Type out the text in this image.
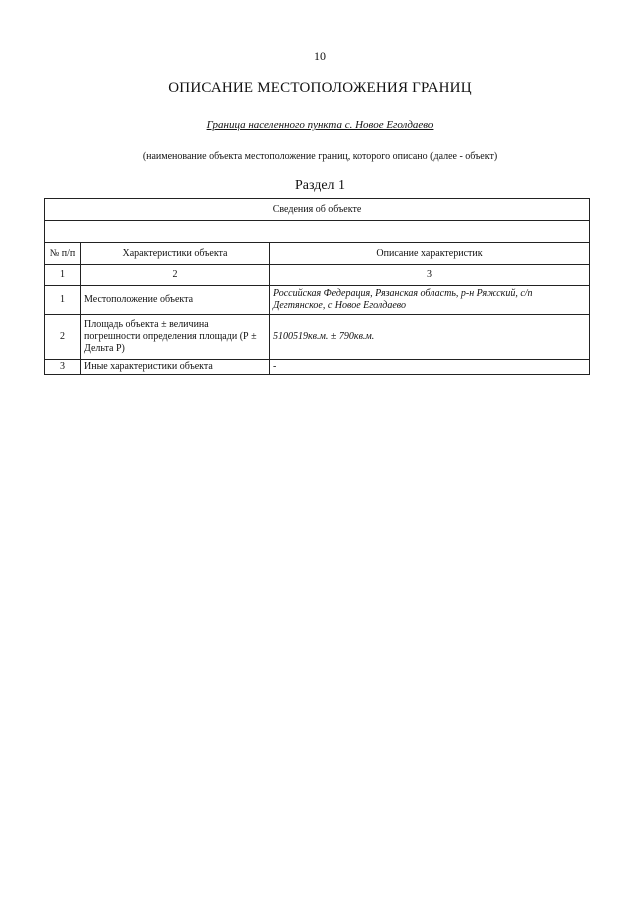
10
ОПИСАНИЕ МЕСТОПОЛОЖЕНИЯ ГРАНИЦ
Граница населенного пункта с. Новое Еголдаево
(наименование объекта местоположение границ, которого описано (далее - объект)
Раздел 1
Сведения об объекте		

№ п/п	Характеристики объекта	Описание характеристик
1	2	3
1	Местоположение объекта	Российская Федерация, Рязанская область, р-н Ряжский, с/п Дегтянское, с Новое Еголдаево
2	Площадь объекта ± величина погрешности определения площади (Р ± Дельта Р)	5100519кв.м. ± 790кв.м.
3	Иные характеристики объекта	-
